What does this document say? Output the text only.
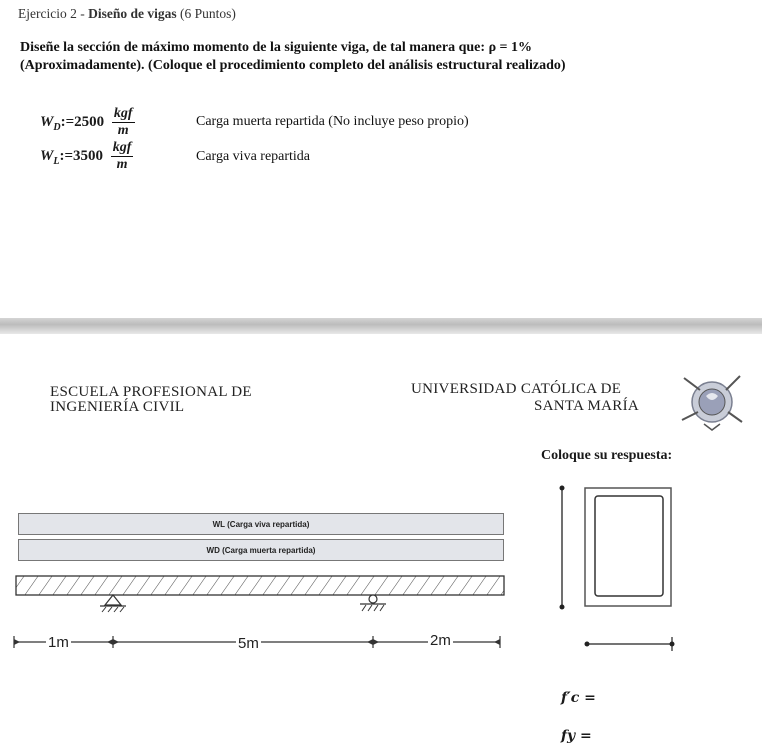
Ejercicio 2 - Diseño de vigas (6 Puntos)
Diseñe la sección de máximo momento de la siguiente viga, de tal manera que: ρ = 1%
(Aproximadamente). (Coloque el procedimiento completo del análisis estructural realizado)
$W_D:=2500 \frac{\text{kgf}}{m}$	Carga muerta repartida (No incluye peso propio)
$W_L:=3500 \frac{\text{kgf}}{m}$	Carga viva repartida
ESCUELA PROFESIONAL DE
INGENIERÍA CIVIL
UNIVERSIDAD CATÓLICA DE
SANTA MARÍA
Coloque su respuesta:
WL (Carga viva repartida)
WD (Carga muerta repartida)
1m	5m	2m
f′c =
fy =
